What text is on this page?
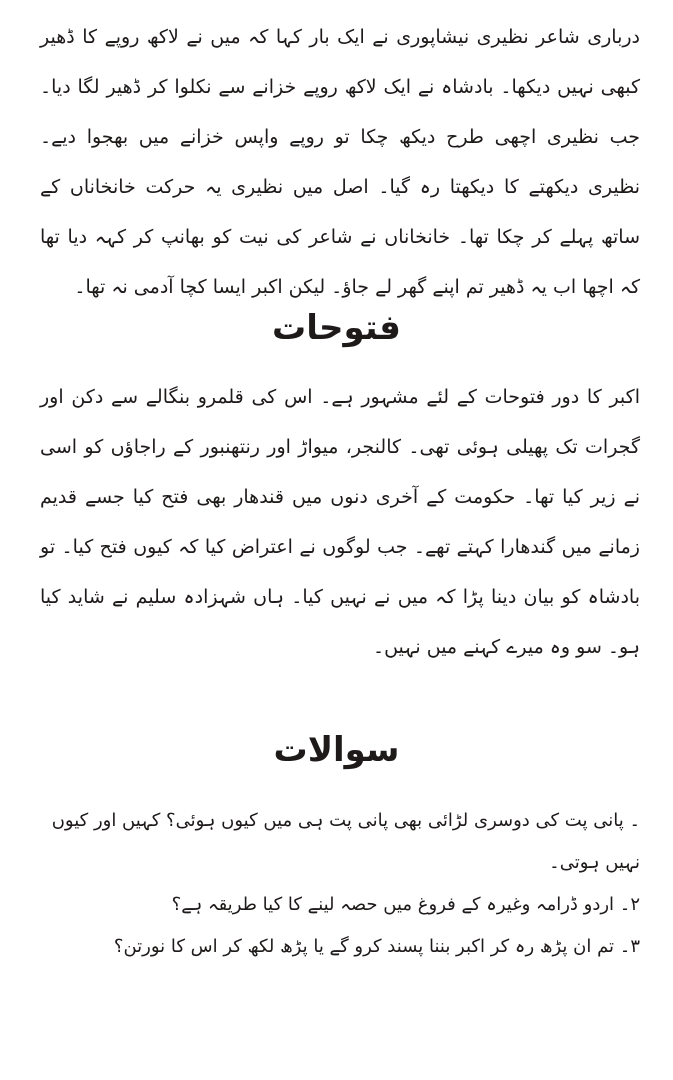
درباری شاعر نظیری نیشاپوری نے ایک بار کہا کہ میں نے لاکھ روپے کا ڈھیر کبھی نہیں دیکھا۔ بادشاہ نے ایک لاکھ روپے خزانے سے نکلوا کر ڈھیر لگا دیا۔ جب نظیری اچھی طرح دیکھ چکا تو روپے واپس خزانے میں بھجوا دیے۔ نظیری دیکھتے کا دیکھتا رہ گیا۔ اصل میں نظیری یہ حرکت خانخاناں کے ساتھ پہلے کر چکا تھا۔ خانخاناں نے شاعر کی نیت کو بھانپ کر کہہ دیا تھا کہ اچھا اب یہ ڈھیر تم اپنے گھر لے جاؤ۔ لیکن اکبر ایسا کچا آدمی نہ تھا۔

فتوحات

اکبر کا دور فتوحات کے لئے مشہور ہے۔ اس کی قلمرو بنگالے سے دکن اور گجرات تک پھیلی ہوئی تھی۔ کالنجر، میواڑ اور رنتھنبور کے راجاؤں کو اسی نے زیر کیا تھا۔ حکومت کے آخری دنوں میں قندھار بھی فتح کیا جسے قدیم زمانے میں گندھارا کہتے تھے۔ جب لوگوں نے اعتراض کیا کہ کیوں فتح کیا۔ تو بادشاہ کو بیان دینا پڑا کہ میں نے نہیں کیا۔ ہاں شہزادہ سلیم نے شاید کیا ہو۔ سو وہ میرے کہنے میں نہیں۔

سوالات
۔ پانی پت کی دوسری لڑائی بھی پانی پت ہی میں کیوں ہوئی؟ کہیں اور کیوں نہیں ہوتی۔
۲۔ اردو ڈرامہ وغیرہ کے فروغ میں حصہ لینے کا کیا طریقہ ہے؟
۳۔ تم ان پڑھ رہ کر اکبر بننا پسند کرو گے یا پڑھ لکھ کر اس کا نورتن؟
